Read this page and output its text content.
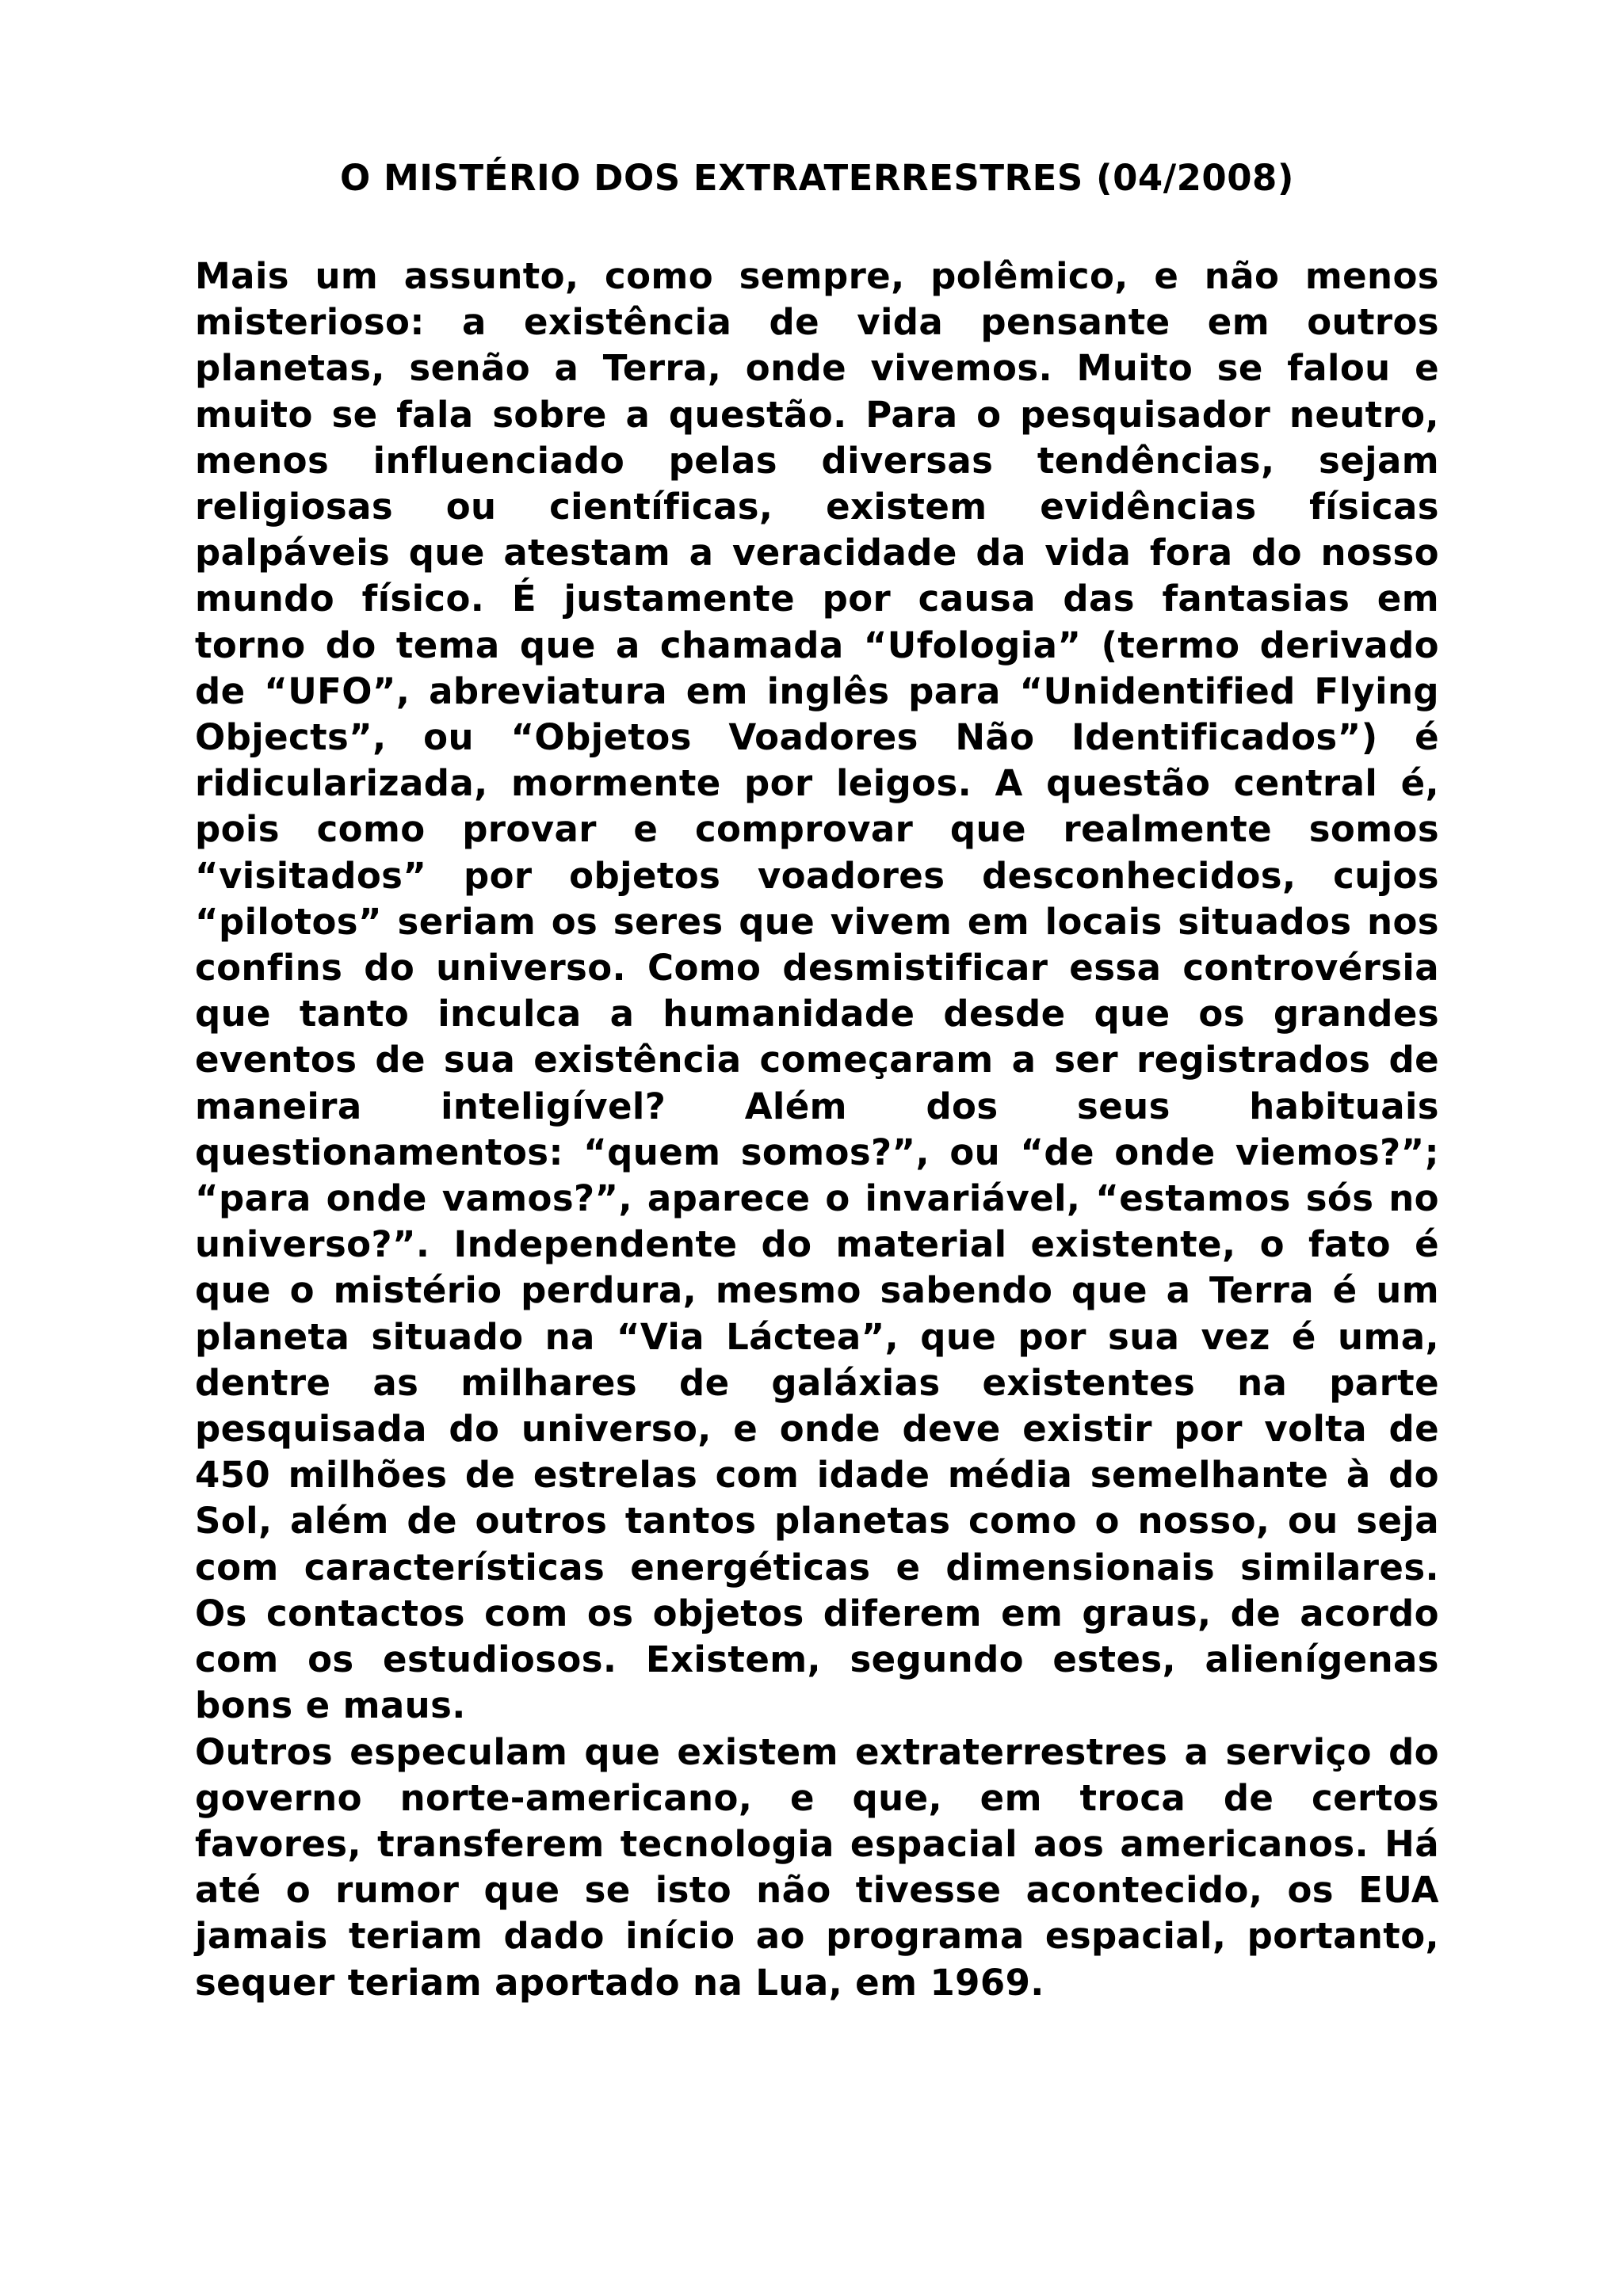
O MISTÉRIO DOS EXTRATERRESTRES (04/2008)

Mais um assunto, como sempre, polêmico, e não menos misterioso: a existência de vida pensante em outros planetas, senão a Terra, onde vivemos. Muito se falou e muito se fala sobre a questão. Para o pesquisador neutro, menos influenciado pelas diversas tendências, sejam religiosas ou científicas, existem evidências físicas palpáveis que atestam a veracidade da vida fora do nosso mundo físico. É justamente por causa das fantasias em torno do tema que a chamada “Ufologia” (termo derivado de “UFO”, abreviatura em inglês para “Unidentified Flying Objects”, ou “Objetos Voadores Não Identificados”) é ridicularizada, mormente por leigos. A questão central é, pois como provar e comprovar que realmente somos “visitados” por objetos voadores desconhecidos, cujos “pilotos” seriam os seres que vivem em locais situados nos confins do universo. Como desmistificar essa controvérsia que tanto inculca a humanidade desde que os grandes eventos de sua existência começaram a ser registrados de maneira inteligível? Além dos seus habituais questionamentos: “quem somos?”, ou “de onde viemos?”; “para onde vamos?”, aparece o invariável, “estamos sós no universo?”. Independente do material existente, o fato é que o mistério perdura, mesmo sabendo que a Terra é um planeta situado na “Via Láctea”, que por sua vez é uma, dentre as milhares de galáxias existentes na parte pesquisada do universo, e onde deve existir por volta de 450 milhões de estrelas com idade média semelhante à do Sol, além de outros tantos planetas como o nosso, ou seja com características energéticas e dimensionais similares. Os contactos com os objetos diferem em graus, de acordo com os estudiosos. Existem, segundo estes, alienígenas bons e maus.

Outros especulam que existem extraterrestres a serviço do governo norte-americano, e que, em troca de certos favores, transferem tecnologia espacial aos americanos. Há até o rumor que se isto não tivesse acontecido, os EUA jamais teriam dado início ao programa espacial, portanto, sequer teriam aportado na Lua, em 1969.
